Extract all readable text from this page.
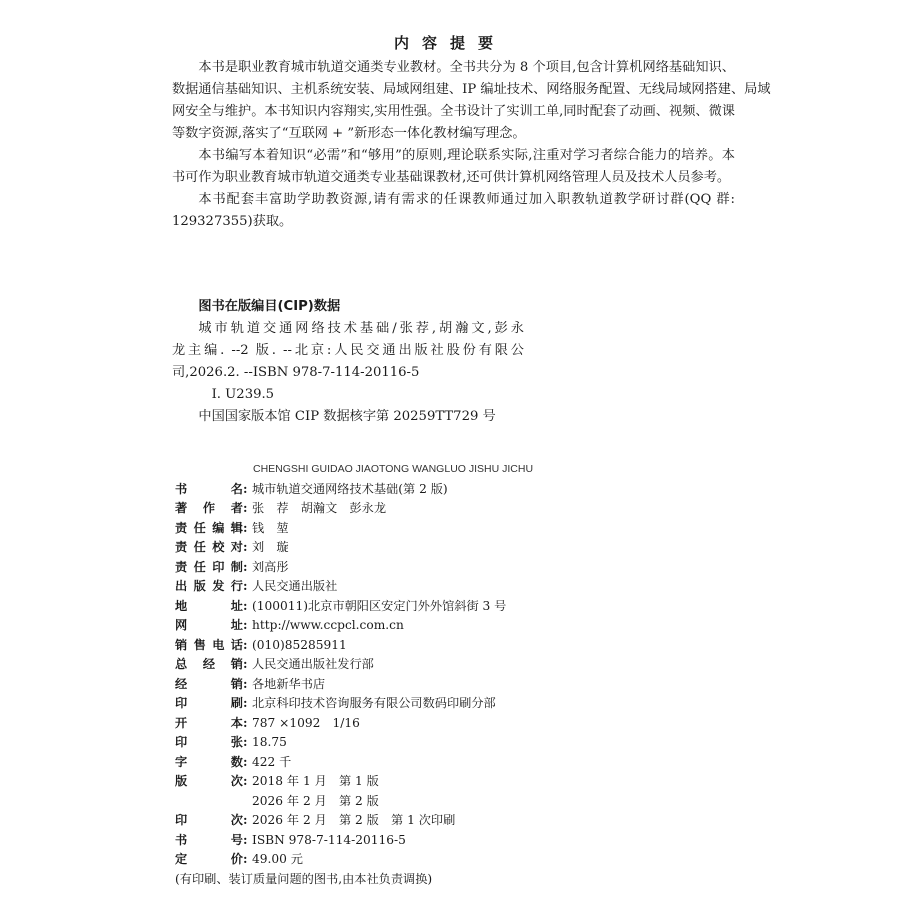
内容提要
本书是职业教育城市轨道交通类专业教材。全书共分为 8 个项目,包含计算机网络基础知识、
数据通信基础知识、主机系统安装、局域网组建、IP 编址技术、网络服务配置、无线局域网搭建、局域
网安全与维护。本书知识内容翔实,实用性强。全书设计了实训工单,同时配套了动画、视频、微课
等数字资源,落实了“互联网 + ”新形态一体化教材编写理念。
本书编写本着知识“必需”和“够用”的原则,理论联系实际,注重对学习者综合能力的培养。本
书可作为职业教育城市轨道交通类专业基础课教材,还可供计算机网络管理人员及技术人员参考。
本书配套丰富助学助教资源,请有需求的任课教师通过加入职教轨道教学研讨群(QQ 群:
129327355)获取。
图书在版编目(CIP)数据
城市轨道交通网络技术基础/张荐,胡瀚文,彭永
龙主编. --2 版. --北京:人民交通出版社股份有限公
司,2026.2. --ISBN 978-7-114-20116-5
Ⅰ. U239.5
中国国家版本馆 CIP 数据核字第 20259TT729 号
CHENGSHI GUIDAO JIAOTONG WANGLUO JISHU JICHU
书名 : 城市轨道交通网络技术基础(第 2 版)
著作者 : 张　荐　胡瀚文　彭永龙
责任编辑 : 钱　堃
责任校对 : 刘　璇
责任印制 : 刘高彤
出版发行 : 人民交通出版社
地址 : (100011)北京市朝阳区安定门外外馆斜街 3 号
网址 : http://www.ccpcl.com.cn
销售电话 : (010)85285911
总经销 : 人民交通出版社发行部
经销 : 各地新华书店
印刷 : 北京科印技术咨询服务有限公司数码印刷分部
开本 : 787 ×1092　1/16
印张 : 18.75
字数 : 422 千
版次 : 2018 年 1 月　第 1 版
2026 年 2 月　第 2 版
印次 : 2026 年 2 月　第 2 版　第 1 次印刷
书号 : ISBN 978-7-114-20116-5
定价 : 49.00 元
(有印刷、装订质量问题的图书,由本社负责调换)
